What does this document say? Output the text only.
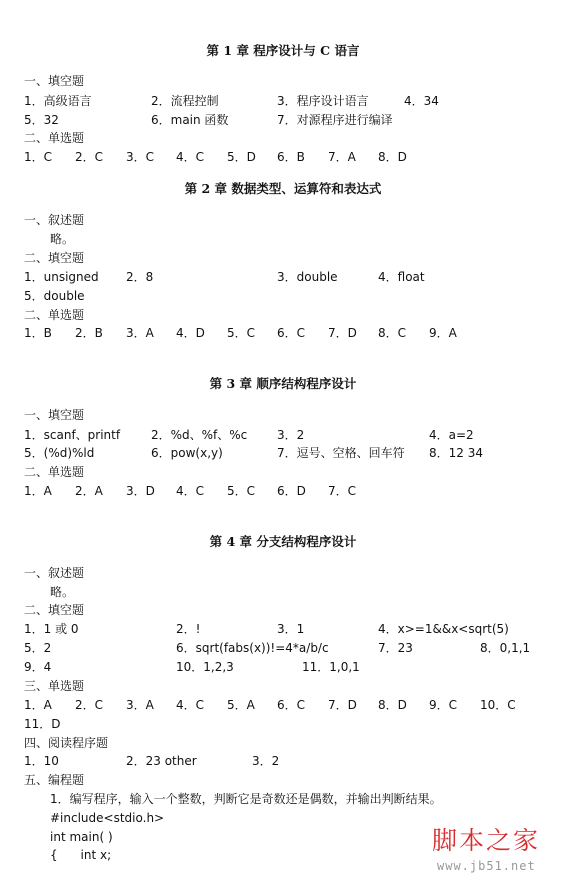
第 1 章 程序设计与 C 语言
一、填空题
1．高级语言	2．流程控制	3．程序设计语言	4．34
5．32	6．main 函数	7．对源程序进行编译
二、单选题
1．C 2．C 3．C 4．C 5．D 6．B 7．A 8．D
第 2 章 数据类型、运算符和表达式
一、叙述题
略。
二、填空题
1．unsigned 2．8	3．double	4．float
5．double
二、单选题
1．B 2．B 3．A 4．D 5．C 6．C 7．D 8．C 9．A
第 3 章 顺序结构程序设计
一、填空题
1．scanf、printf	2．%d、%f、%c 3．2	4．a=2
5．(%d)%ld	6．pow(x,y)	7．逗号、空格、回车符 8．12 34
二、单选题
1．A 2．A 3．D 4．C 5．C 6．D 7．C
第 4 章 分支结构程序设计
一、叙述题
略。
二、填空题
1．1 或 0	2．!	3．1	4．x>=1&&x<sqrt(5)
5．2	6．sqrt(fabs(x))!=4*a/b/c	7．23	8．0,1,1
9．4	10．1,2,3	11．1,0,1
三、单选题
1．A 2．C 3．A 4．C 5．A 6．C 7．D 8．D 9．C 10．C
11．D
四、阅读程序题
1．10	2．23 other	3．2
五、编程题
1．编写程序，输入一个整数，判断它是奇数还是偶数，并输出判断结果。
#include<stdio.h>
int main( )
{      int x;	脚本之家
www.jb51.net
